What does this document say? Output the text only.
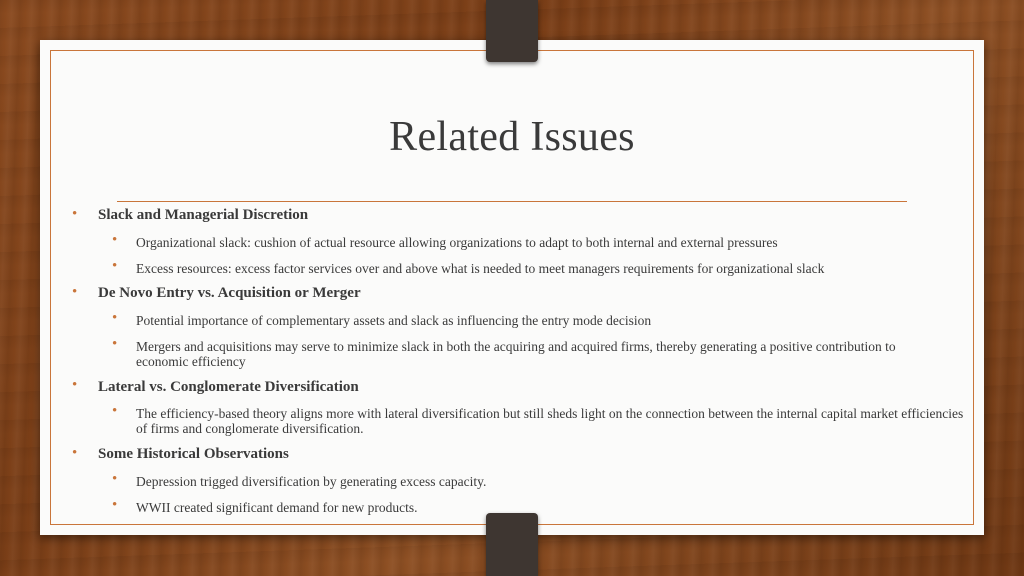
Related Issues
• Slack and Managerial Discretion
• Organizational slack: cushion of actual resource allowing organizations to adapt to both internal and external pressures
• Excess resources: excess factor services over and above what is needed to meet managers requirements for organizational slack
• De Novo Entry vs. Acquisition or Merger
• Potential importance of complementary assets and slack as influencing the entry mode decision
• Mergers and acquisitions may serve to minimize slack in both the acquiring and acquired firms, thereby generating a positive contribution to economic efficiency
• Lateral vs. Conglomerate Diversification
• The efficiency-based theory aligns more with lateral diversification but still sheds light on the connection between the internal capital market efficiencies of firms and conglomerate diversification.
• Some Historical Observations
• Depression trigged diversification by generating excess capacity.
• WWII created significant demand for new products.
